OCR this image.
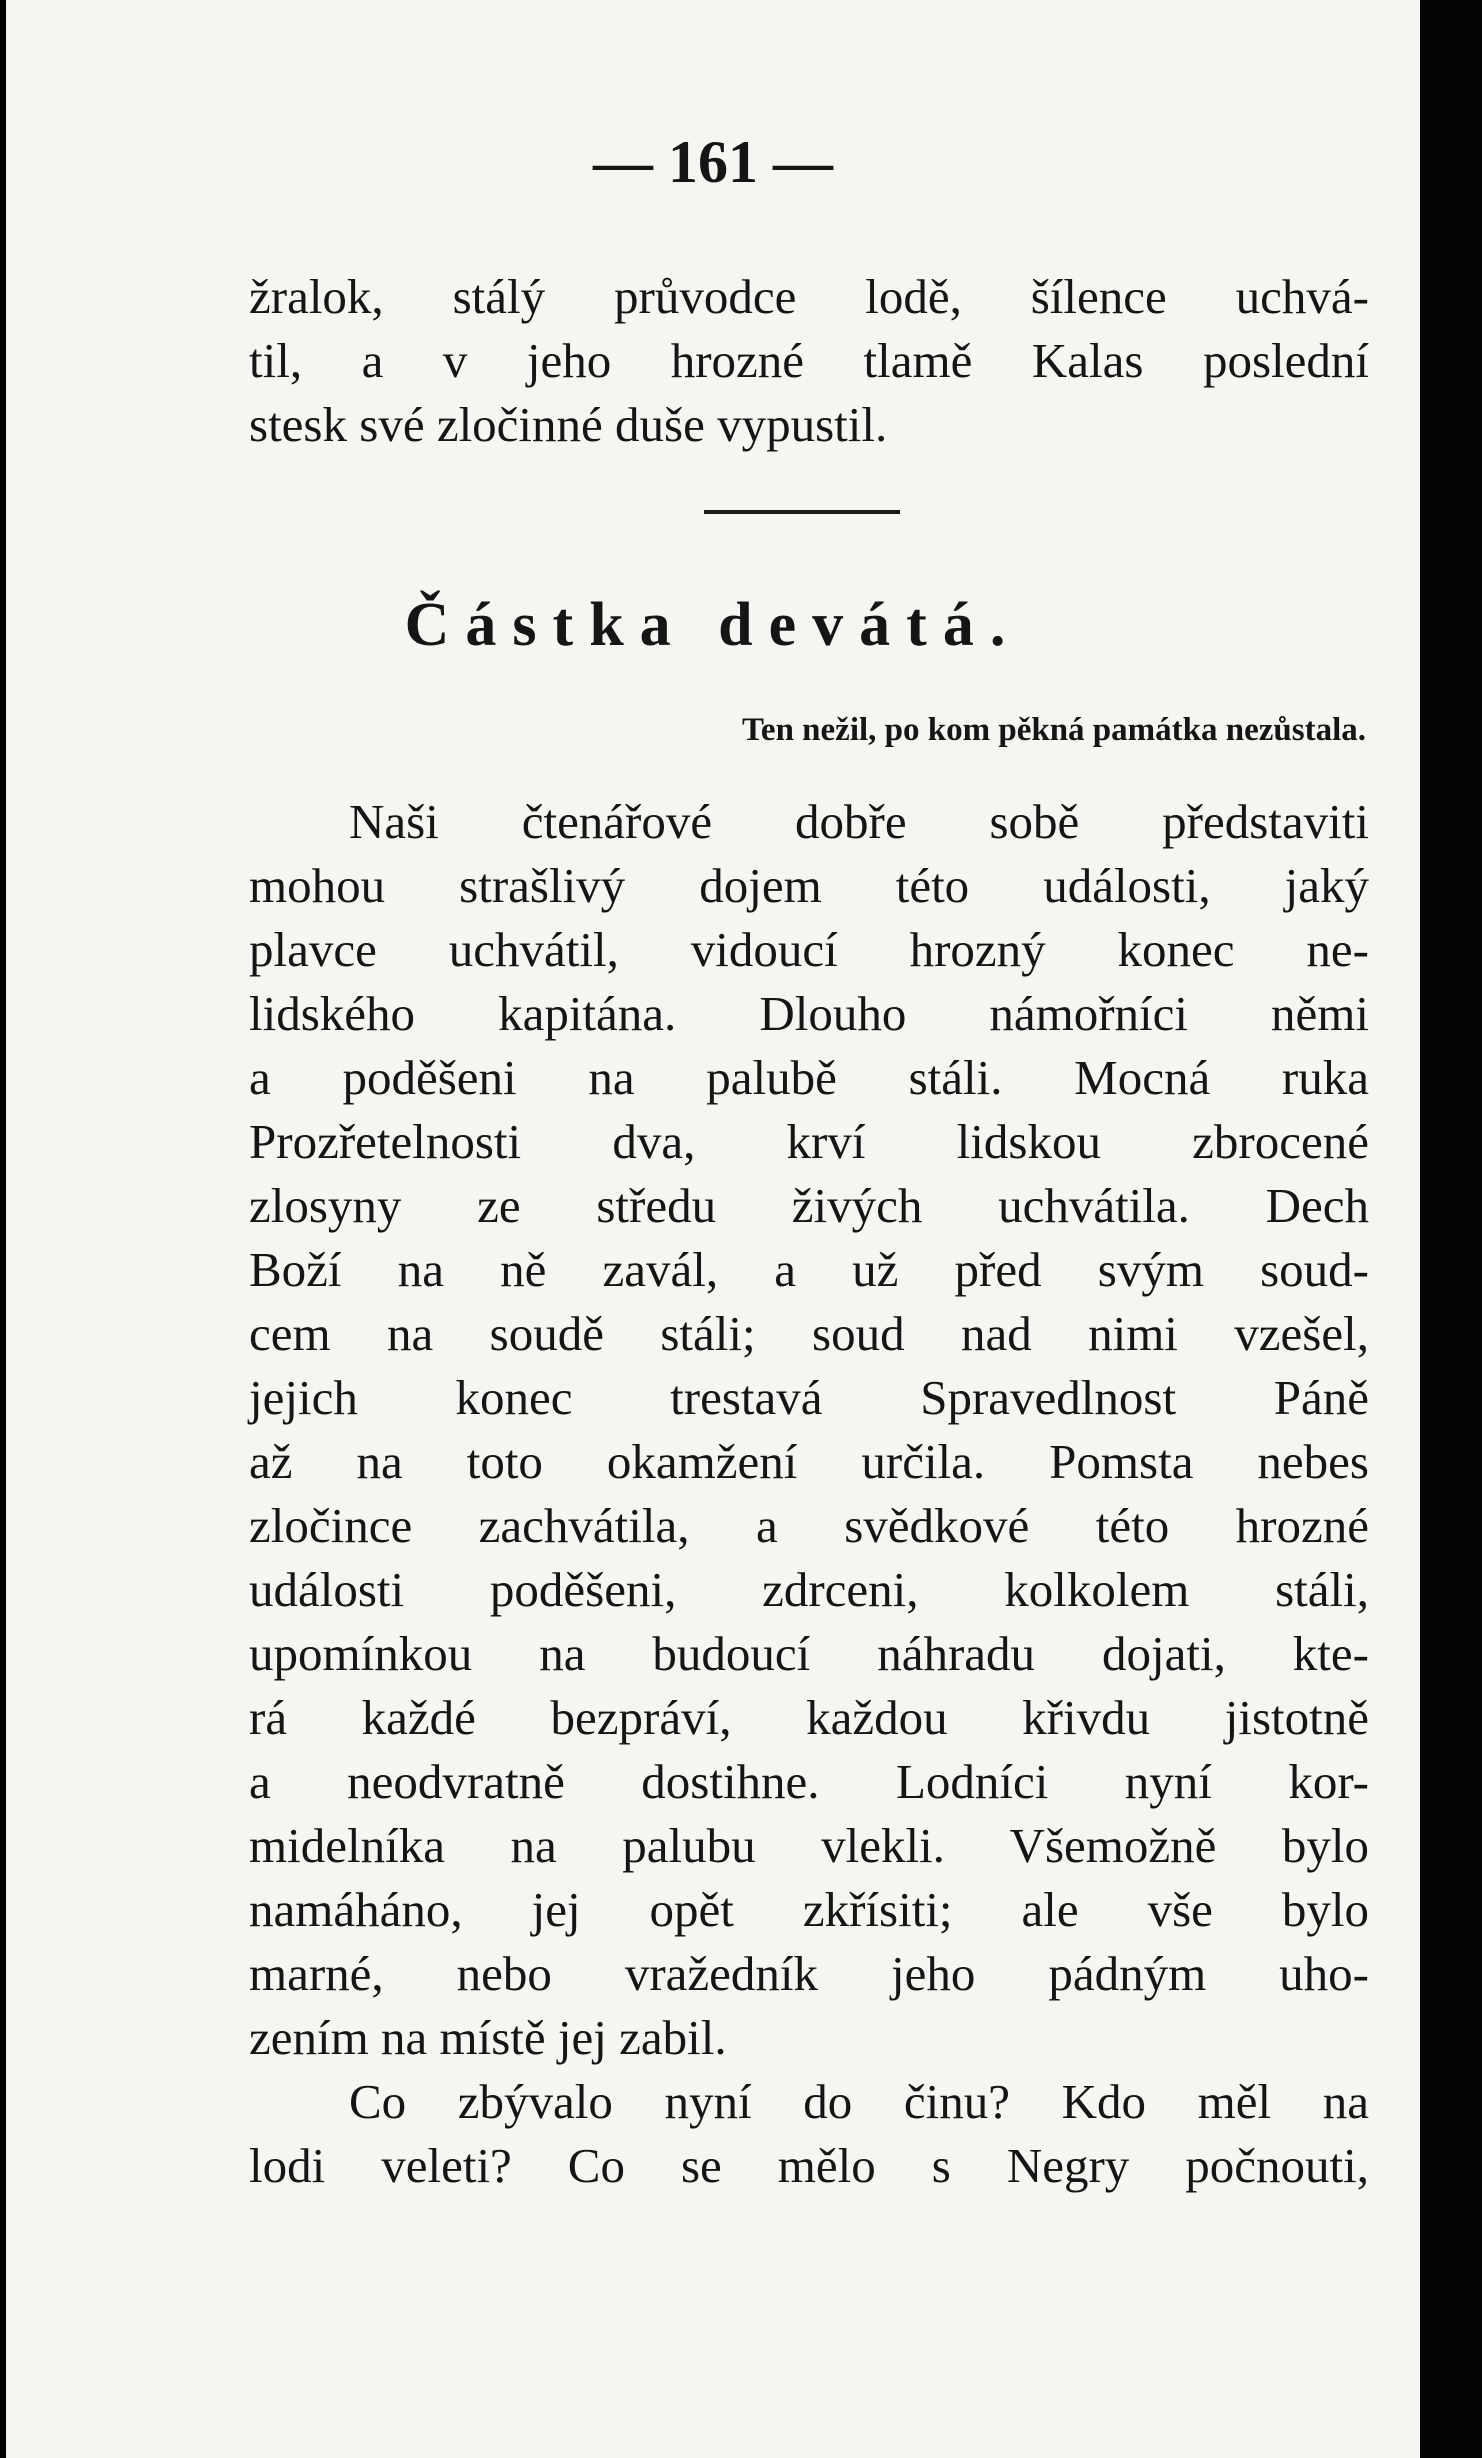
— 161 —
žralok, stálý průvodce lodě, šílence uchvá-
til, a v jeho hrozné tlamě Kalas poslední
stesk své zločinné duše vypustil.
Částka devátá.
Ten nežil, po kom pěkná památka nezůstala.
Naši čtenářové dobře sobě představiti
mohou strašlivý dojem této události, jaký
plavce uchvátil, vidoucí hrozný konec ne-
lidského kapitána. Dlouho námořníci němi
a poděšeni na palubě stáli. Mocná ruka
Prozřetelnosti dva, krví lidskou zbrocené
zlosyny ze středu živých uchvátila. Dech
Boží na ně zavál, a už před svým soud-
cem na soudě stáli; soud nad nimi vzešel,
jejich konec trestavá Spravedlnost Páně
až na toto okamžení určila. Pomsta nebes
zločince zachvátila, a svědkové této hrozné
události poděšeni, zdrceni, kolkolem stáli,
upomínkou na budoucí náhradu dojati, kte-
rá každé bezpráví, každou křivdu jistotně
a neodvratně dostihne. Lodníci nyní kor-
midelníka na palubu vlekli. Všemožně bylo
namáháno, jej opět zkřísiti; ale vše bylo
marné, nebo vražedník jeho pádným uho-
zením na místě jej zabil.
Co zbývalo nyní do činu? Kdo měl na
lodi veleti? Co se mělo s Negry počnouti,
